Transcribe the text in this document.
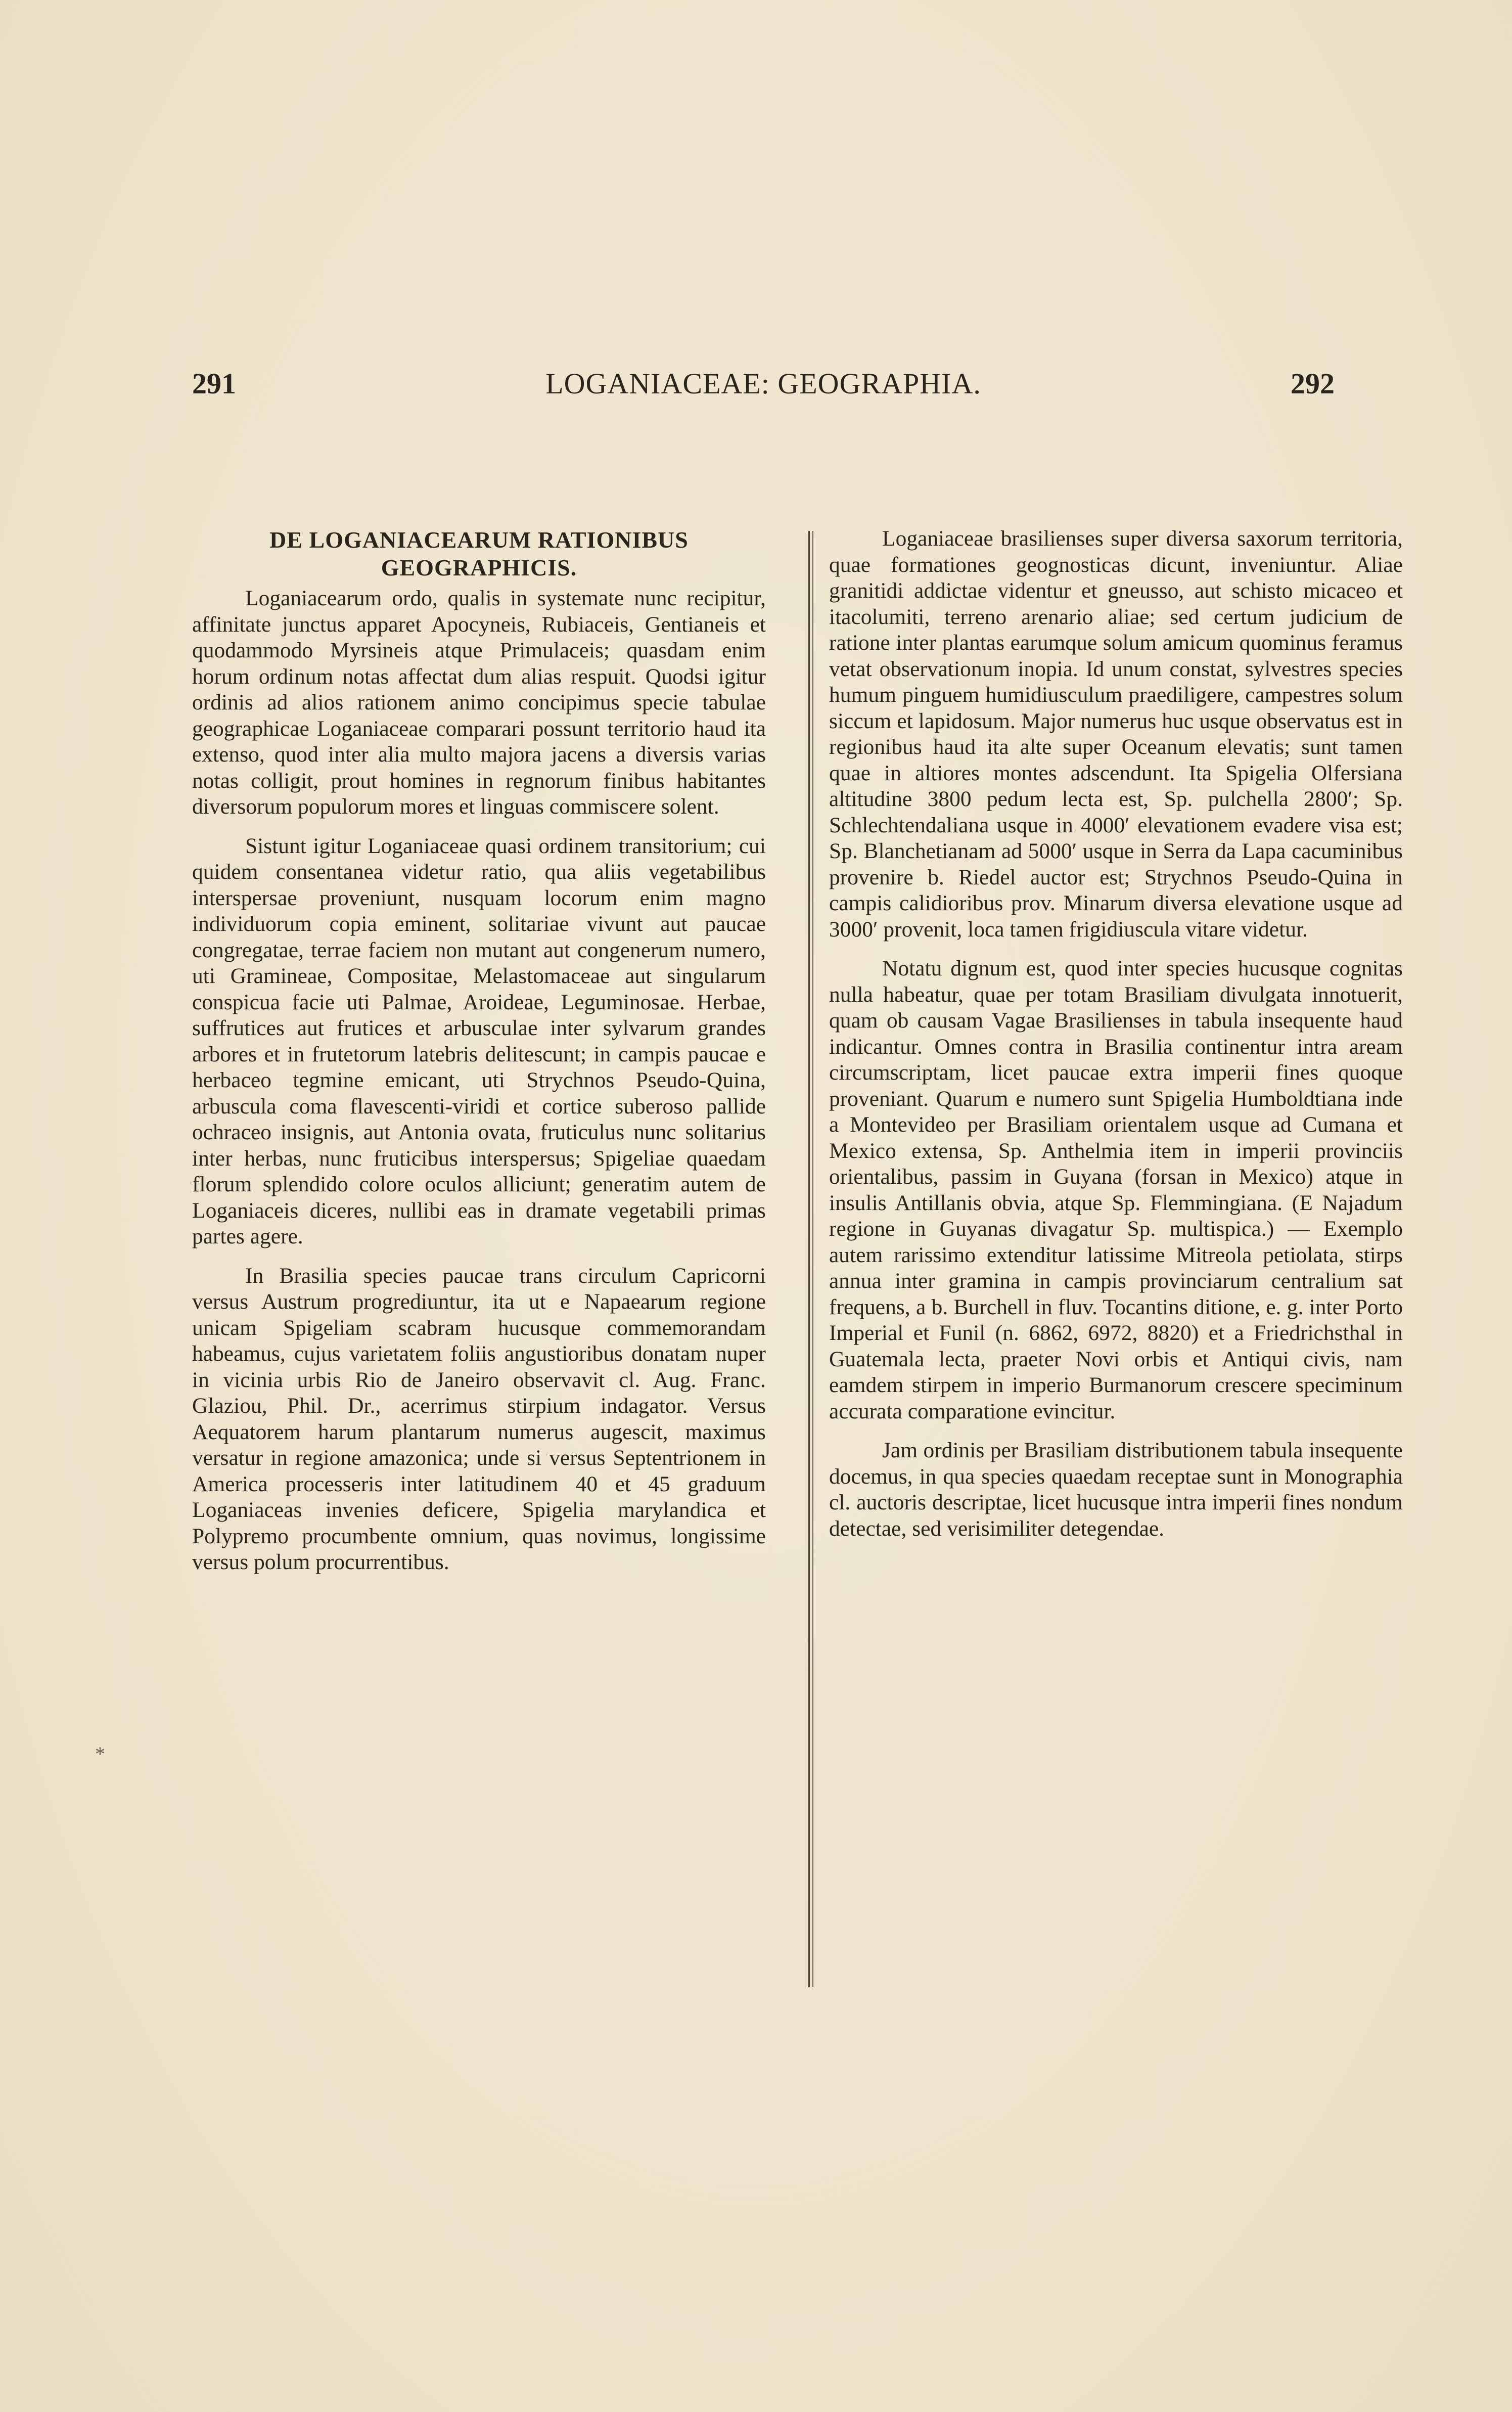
291	LOGANIACEAE: GEOGRAPHIA.	292
DE LOGANIACEARUM RATIONIBUS
GEOGRAPHICIS.

Loganiacearum ordo, qualis in systemate nunc recipitur, affinitate junctus apparet Apocyneis, Rubiaceis, Gentianeis et quodammodo Myrsineis atque Primulaceis; quasdam enim horum ordinum notas affectat dum alias respuit. Quodsi igitur ordinis ad alios rationem animo concipimus specie tabulae geographicae Loganiaceae comparari possunt territorio haud ita extenso, quod inter alia multo majora jacens a diversis varias notas colligit, prout homines in regnorum finibus habitantes diversorum populorum mores et linguas commiscere solent.

Sistunt igitur Loganiaceae quasi ordinem transitorium; cui quidem consentanea videtur ratio, qua aliis vegetabilibus interspersae proveniunt, nusquam locorum enim magno individuorum copia eminent, solitariae vivunt aut paucae congregatae, terrae faciem non mutant aut congenerum numero, uti Gramineae, Compositae, Melastomaceae aut singularum conspicua facie uti Palmae, Aroideae, Leguminosae. Herbae, suffrutices aut frutices et arbusculae inter sylvarum grandes arbores et in frutetorum latebris delitescunt; in campis paucae e herbaceo tegmine emicant, uti Strychnos Pseudo-Quina, arbuscula coma flavescenti-viridi et cortice suberoso pallide ochraceo insignis, aut Antonia ovata, fruticulus nunc solitarius inter herbas, nunc fruticibus interspersus; Spigeliae quaedam florum splendido colore oculos alliciunt; generatim autem de Loganiaceis diceres, nullibi eas in dramate vegetabili primas partes agere.

In Brasilia species paucae trans circulum Capricorni versus Austrum progrediuntur, ita ut e Napaearum regione unicam Spigeliam scabram hucusque commemorandam habeamus, cujus varietatem foliis angustioribus donatam nuper in vicinia urbis Rio de Janeiro observavit cl. Aug. Franc. Glaziou, Phil. Dr., acerrimus stirpium indagator. Versus Aequatorem harum plantarum numerus augescit, maximus versatur in regione amazonica; unde si versus Septentrionem in America processeris inter latitudinem 40 et 45 graduum Loganiaceas invenies deficere, Spigelia marylandica et Polypremo procumbente omnium, quas novimus, longissime versus polum procurrentibus.

Loganiaceae brasilienses super diversa saxorum territoria, quae formationes geognosticas dicunt, inveniuntur. Aliae granitidi addictae videntur et gneusso, aut schisto micaceo et itacolumiti, terreno arenario aliae; sed certum judicium de ratione inter plantas earumque solum amicum quominus feramus vetat observationum inopia. Id unum constat, sylvestres species humum pinguem humidiusculum praediligere, campestres solum siccum et lapidosum. Major numerus huc usque observatus est in regionibus haud ita alte super Oceanum elevatis; sunt tamen quae in altiores montes adscendunt. Ita Spigelia Olfersiana altitudine 3800 pedum lecta est, Sp. pulchella 2800′; Sp. Schlechtendaliana usque in 4000′ elevationem evadere visa est; Sp. Blanchetianam ad 5000′ usque in Serra da Lapa cacuminibus provenire b. Riedel auctor est; Strychnos Pseudo-Quina in campis calidioribus prov. Minarum diversa elevatione usque ad 3000′ provenit, loca tamen frigidiuscula vitare videtur.

Notatu dignum est, quod inter species hucusque cognitas nulla habeatur, quae per totam Brasiliam divulgata innotuerit, quam ob causam Vagae Brasilienses in tabula insequente haud indicantur. Omnes contra in Brasilia continentur intra aream circumscriptam, licet paucae extra imperii fines quoque proveniant. Quarum e numero sunt Spigelia Humboldtiana inde a Montevideo per Brasiliam orientalem usque ad Cumana et Mexico extensa, Sp. Anthelmia item in imperii provinciis orientalibus, passim in Guyana (forsan in Mexico) atque in insulis Antillanis obvia, atque Sp. Flemmingiana. (E Najadum regione in Guyanas divagatur Sp. multispica.) — Exemplo autem rarissimo extenditur latissime Mitreola petiolata, stirps annua inter gramina in campis provinciarum centralium sat frequens, a b. Burchell in fluv. Tocantins ditione, e. g. inter Porto Imperial et Funil (n. 6862, 6972, 8820) et a Friedrichsthal in Guatemala lecta, praeter Novi orbis et Antiqui civis, nam eamdem stirpem in imperio Burmanorum crescere speciminum accurata comparatione evincitur.

Jam ordinis per Brasiliam distributionem tabula insequente docemus, in qua species quaedam receptae sunt in Monographia cl. auctoris descriptae, licet hucusque intra imperii fines nondum detectae, sed verisimiliter detegendae.

*
